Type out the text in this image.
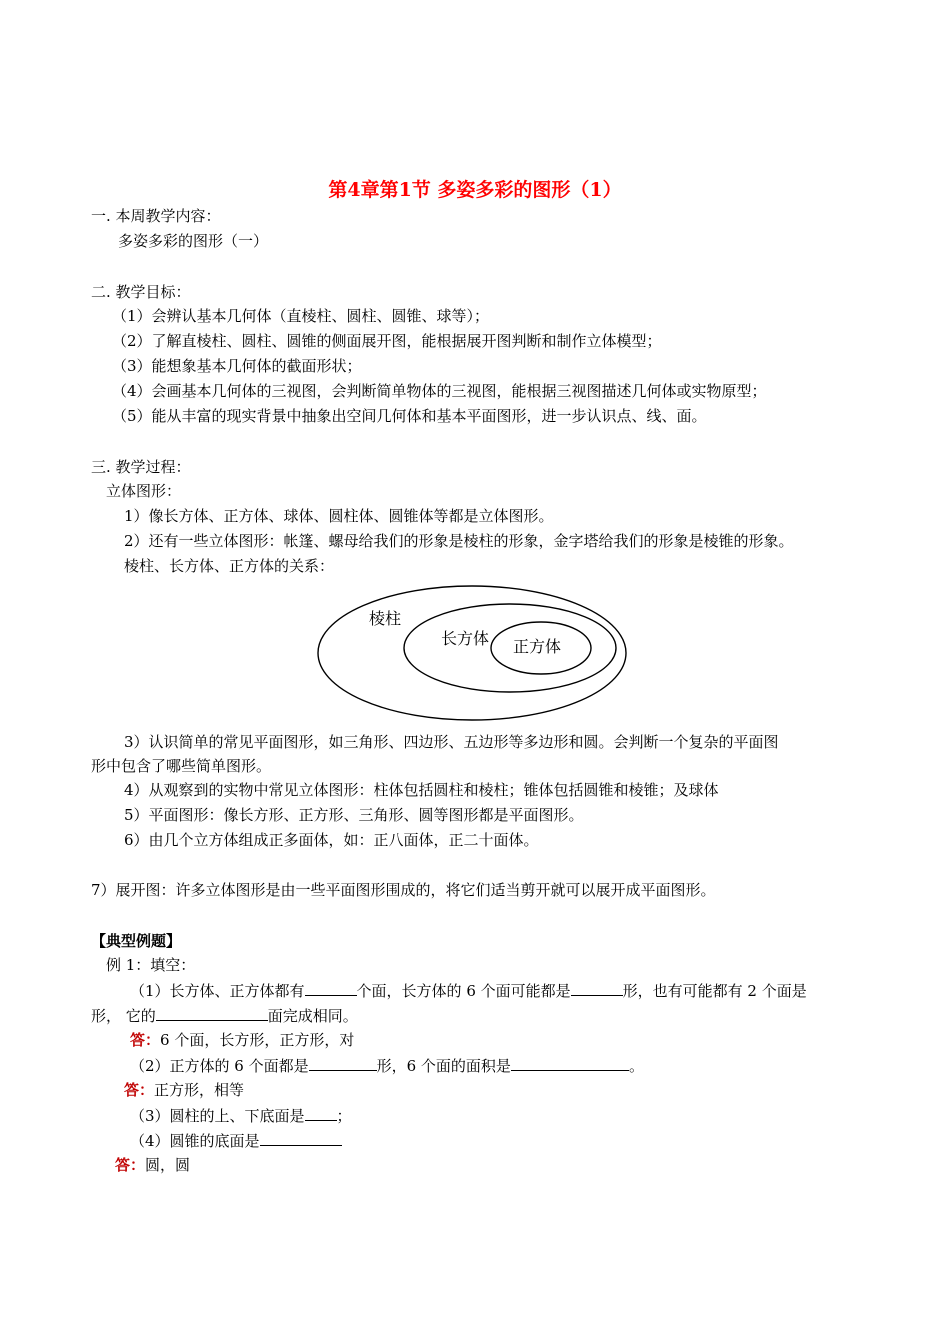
第4章第1节 多姿多彩的图形（1）
一. 本周教学内容：
多姿多彩的图形（一）
二. 教学目标：
（1）会辨认基本几何体（直棱柱、圆柱、圆锥、球等）；
（2）了解直棱柱、圆柱、圆锥的侧面展开图，能根据展开图判断和制作立体模型；
（3）能想象基本几何体的截面形状；
（4）会画基本几何体的三视图，会判断简单物体的三视图，能根据三视图描述几何体或实物原型；
（5）能从丰富的现实背景中抽象出空间几何体和基本平面图形，进一步认识点、线、面。
三. 教学过程：
立体图形：
1）像长方体、正方体、球体、圆柱体、圆锥体等都是立体图形。
2）还有一些立体图形：帐篷、螺母给我们的形象是棱柱的形象，金字塔给我们的形象是棱锥的形象。
棱柱、长方体、正方体的关系：
棱柱
长方体 正方体
3）认识简单的常见平面图形，如三角形、四边形、五边形等多边形和圆。会判断一个复杂的平面图
形中包含了哪些简单图形。
4）从观察到的实物中常见立体图形：柱体包括圆柱和棱柱；锥体包括圆锥和棱锥；及球体
5）平面图形：像长方形、正方形、三角形、圆等图形都是平面图形。
6）由几个立方体组成正多面体，如：正八面体，正二十面体。
7）展开图：许多立体图形是由一些平面图形围成的，将它们适当剪开就可以展开成平面图形。
【典型例题】
例 1：填空：
（1）长方体、正方体都有	个面，长方体的 6 个面可能都是	形，也有可能都有 2 个面是
形， 它的	面完成相同。
答：6 个面，长方形，正方形，对
（2）正方体的 6 个面都是	形，6 个面的面积是	。
答：正方形，相等
（3）圆柱的上、下底面是 ；
（4）圆锥的底面是
答：圆，圆
